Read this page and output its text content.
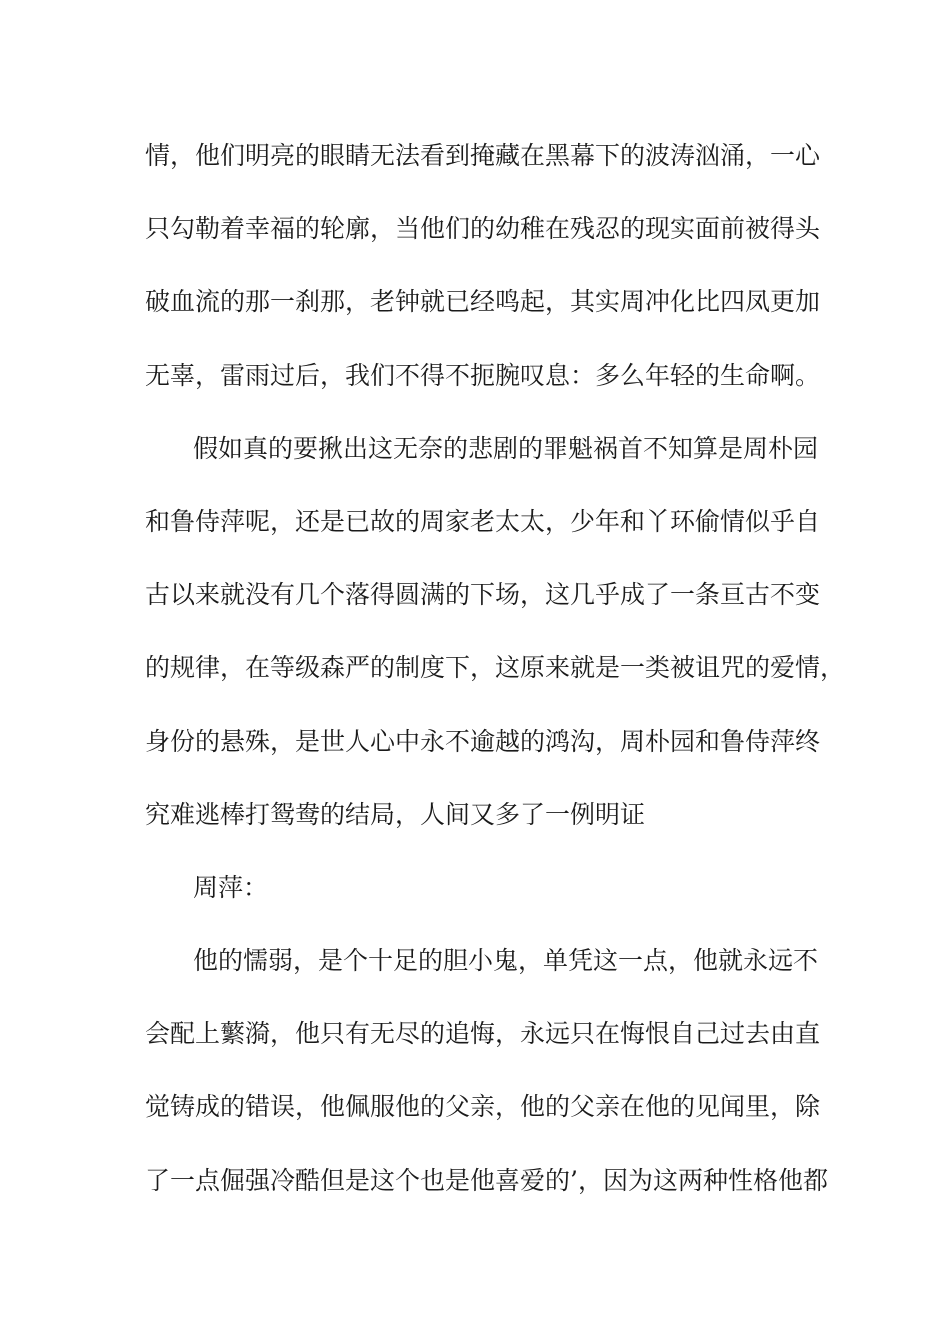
情，他们明亮的眼睛无法看到掩藏在黑幕下的波涛汹涌，一心
只勾勒着幸福的轮廓，当他们的幼稚在残忍的现实面前被得头
破血流的那一刹那，老钟就已经鸣起，其实周冲化比四凤更加
无辜，雷雨过后，我们不得不扼腕叹息：多么年轻的生命啊。
假如真的要揪出这无奈的悲剧的罪魁祸首不知算是周朴园
和鲁侍萍呢，还是已故的周家老太太，少年和丫环偷情似乎自
古以来就没有几个落得圆满的下场，这几乎成了一条亘古不变
的规律，在等级森严的制度下，这原来就是一类被诅咒的爱情，
身份的悬殊，是世人心中永不逾越的鸿沟，周朴园和鲁侍萍终
究难逃棒打鸳鸯的结局，人间又多了一例明证
周萍：
他的懦弱，是个十足的胆小鬼，单凭这一点，他就永远不
会配上蘩漪，他只有无尽的追悔，永远只在悔恨自己过去由直
觉铸成的错误，他佩服他的父亲，他的父亲在他的见闻里，除
了一点倔强冷酷但是这个也是他喜爱的’，因为这两种性格他都
